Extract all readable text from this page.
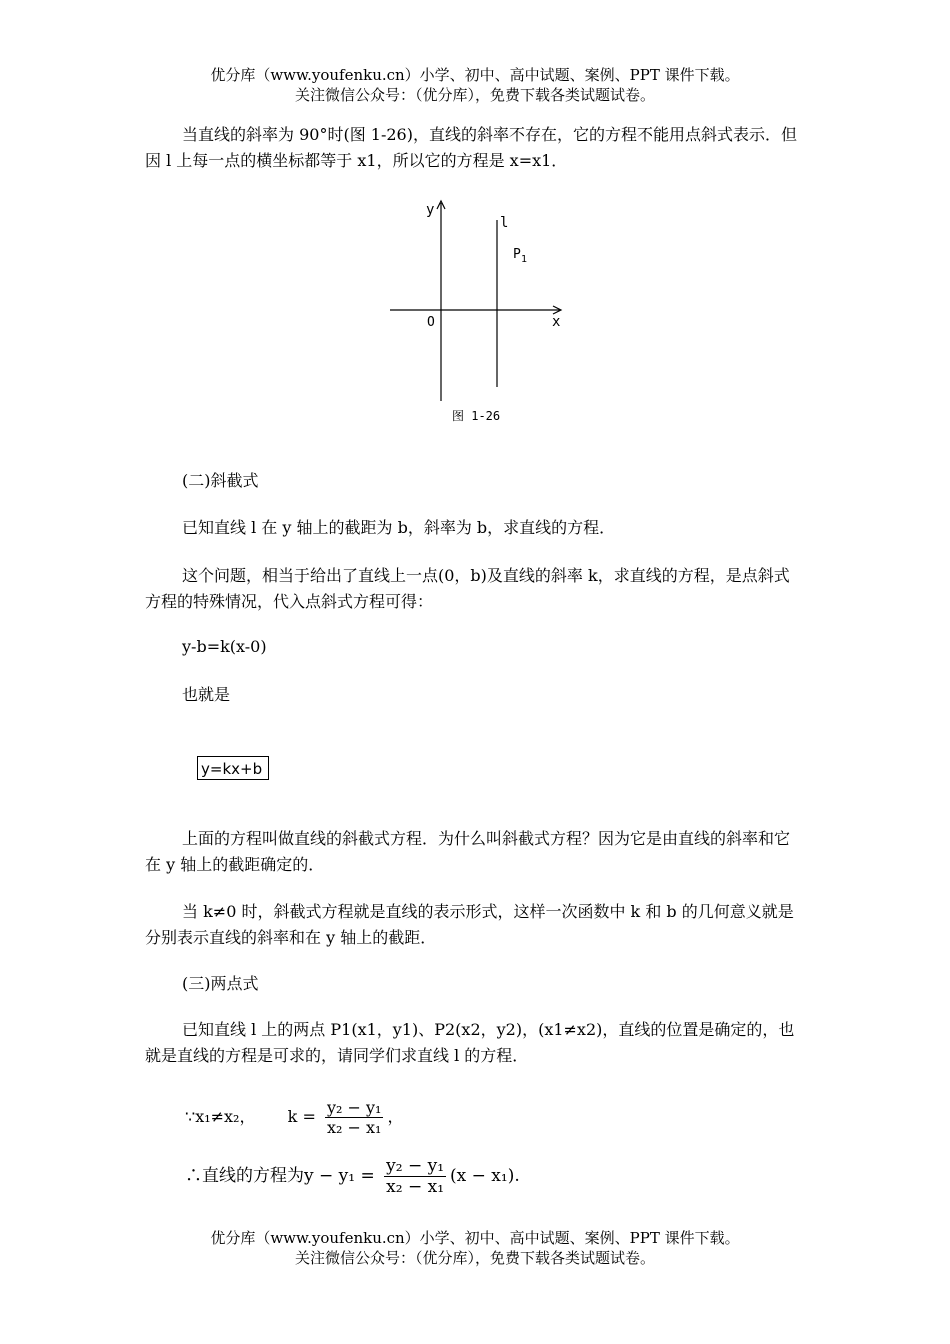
优分库（www.youfenku.cn）小学、初中、高中试题、案例、PPT 课件下载。
关注微信公众号：（优分库），免费下载各类试题试卷。
当直线的斜率为 90°时(图 1-26)，直线的斜率不存在，它的方程不能用点斜式表示．但因 l 上每一点的横坐标都等于 x1，所以它的方程是 x=x1．
y
x
O
l
P 1
图 1-26
(二)斜截式
已知直线 l 在 y 轴上的截距为 b，斜率为 b，求直线的方程．
这个问题，相当于给出了直线上一点(0，b)及直线的斜率 k，求直线的方程，是点斜式方程的特殊情况，代入点斜式方程可得：
y-b=k(x-0)
也就是
y=kx+b
上面的方程叫做直线的斜截式方程．为什么叫斜截式方程？因为它是由直线的斜率和它在 y 轴上的截距确定的．
当 k≠0 时，斜截式方程就是直线的表示形式，这样一次函数中 k 和 b 的几何意义就是分别表示直线的斜率和在 y 轴上的截距．
(三)两点式
已知直线 l 上的两点 P1(x1，y1)、P2(x2，y2)，(x1≠x2)，直线的位置是确定的，也就是直线的方程是可求的，请同学们求直线 l 的方程．
∵x₁≠x₂， $k = \frac{\text{y₂ − y₁}}{\text{x₂ − x₁}}$ ，
∴直线的方程为$y - y_1 = \frac{\text{y₂ − y₁}}{\text{x₂ − x₁}} (x - x_1)$.
优分库（www.youfenku.cn）小学、初中、高中试题、案例、PPT 课件下载。
关注微信公众号：（优分库），免费下载各类试题试卷。
